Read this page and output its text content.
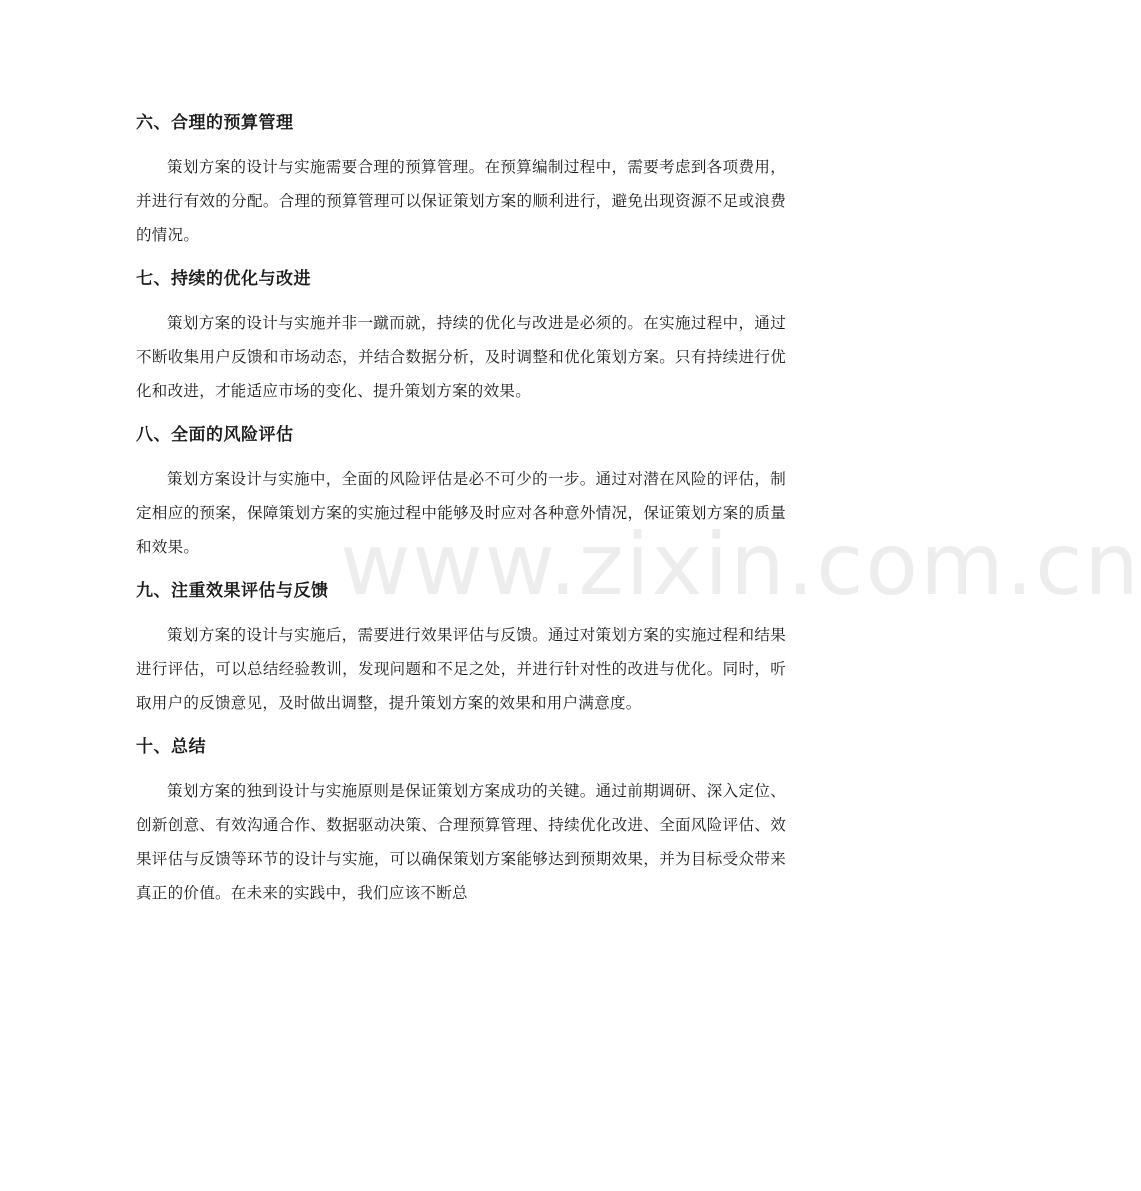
www.zixin.com.cn
六、合理的预算管理

策划方案的设计与实施需要合理的预算管理。在预算编制过程中，需要考虑到各项费用，并进行有效的分配。合理的预算管理可以保证策划方案的顺利进行，避免出现资源不足或浪费的情况。

七、持续的优化与改进

策划方案的设计与实施并非一蹴而就，持续的优化与改进是必须的。在实施过程中，通过不断收集用户反馈和市场动态，并结合数据分析，及时调整和优化策划方案。只有持续进行优化和改进，才能适应市场的变化、提升策划方案的效果。

八、全面的风险评估

策划方案设计与实施中，全面的风险评估是必不可少的一步。通过对潜在风险的评估，制定相应的预案，保障策划方案的实施过程中能够及时应对各种意外情况，保证策划方案的质量和效果。

九、注重效果评估与反馈

策划方案的设计与实施后，需要进行效果评估与反馈。通过对策划方案的实施过程和结果进行评估，可以总结经验教训，发现问题和不足之处，并进行针对性的改进与优化。同时，听取用户的反馈意见，及时做出调整，提升策划方案的效果和用户满意度。

十、总结

策划方案的独到设计与实施原则是保证策划方案成功的关键。通过前期调研、深入定位、创新创意、有效沟通合作、数据驱动决策、合理预算管理、持续优化改进、全面风险评估、效果评估与反馈等环节的设计与实施，可以确保策划方案能够达到预期效果，并为目标受众带来真正的价值。在未来的实践中，我们应该不断总
